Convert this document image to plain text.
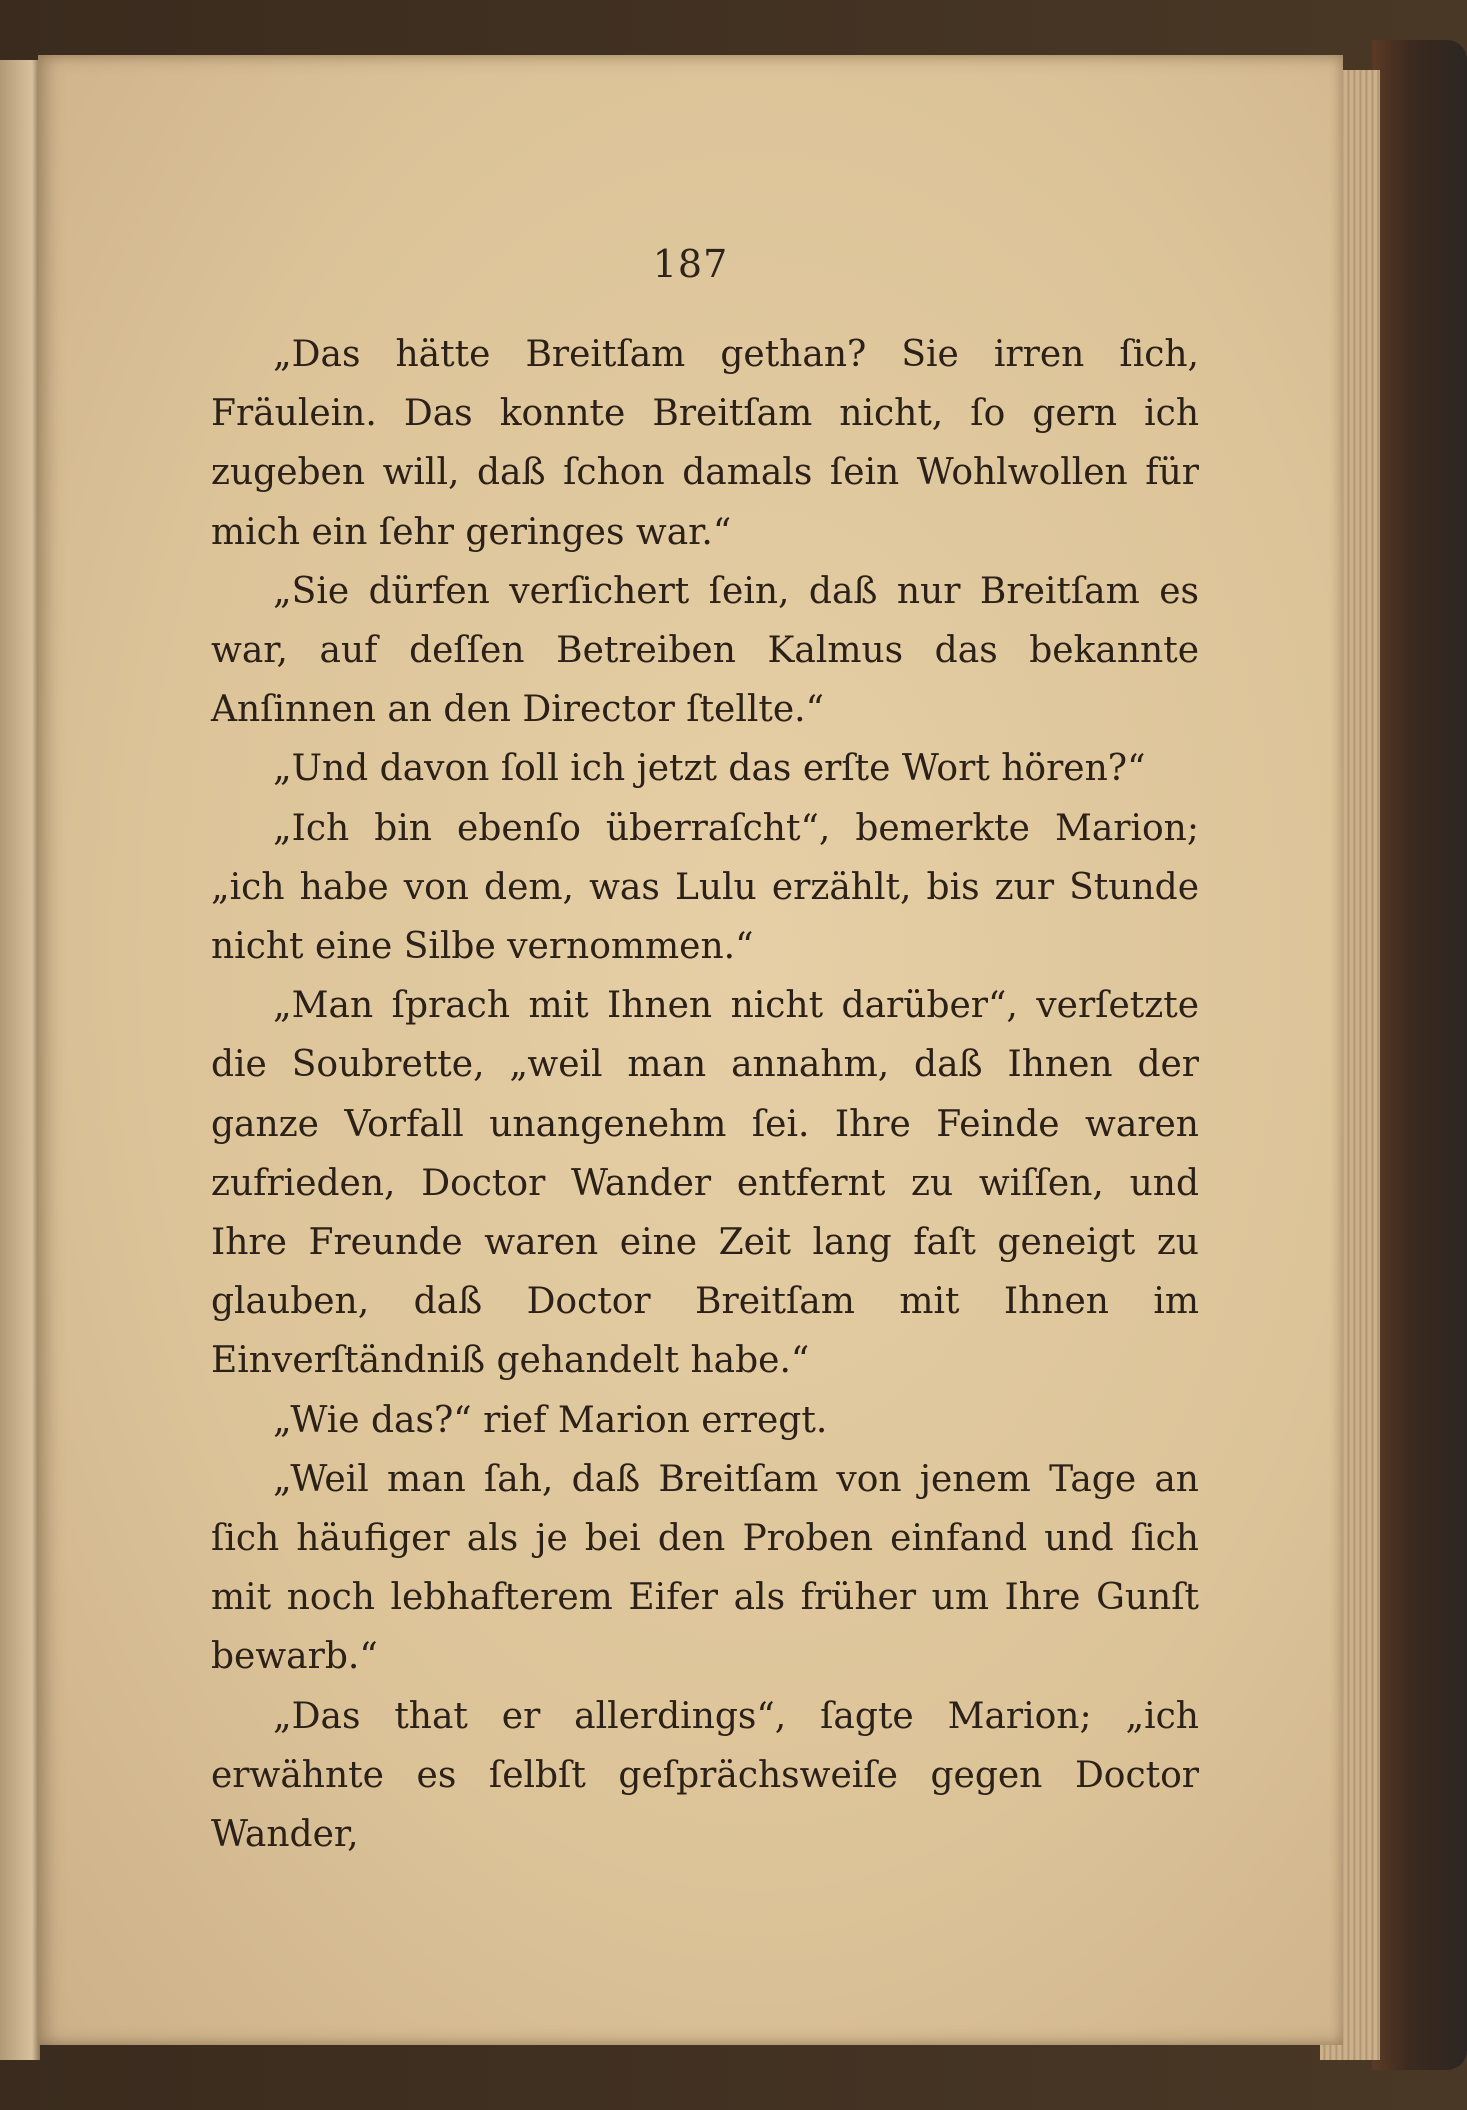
187

„Das hätte Breitſam gethan? Sie irren ſich, Fräulein. Das konnte Breitſam nicht, ſo gern ich zugeben will, daß ſchon damals ſein Wohlwollen für mich ein ſehr geringes war.“

„Sie dürfen verſichert ſein, daß nur Breitſam es war, auf deſſen Betreiben Kalmus das bekannte Anſinnen an den Director ſtellte.“

„Und davon ſoll ich jetzt das erſte Wort hören?“

„Ich bin ebenſo überraſcht“, bemerkte Marion; „ich habe von dem, was Lulu erzählt, bis zur Stunde nicht eine Silbe vernommen.“

„Man ſprach mit Ihnen nicht darüber“, verſetzte die Soubrette, „weil man annahm, daß Ihnen der ganze Vorfall unangenehm ſei. Ihre Feinde waren zufrieden, Doctor Wander entfernt zu wiſſen, und Ihre Freunde waren eine Zeit lang faſt geneigt zu glauben, daß Doctor Breitſam mit Ihnen im Einverſtändniß gehandelt habe.“

„Wie das?“ rief Marion erregt.

„Weil man ſah, daß Breitſam von jenem Tage an ſich häufiger als je bei den Proben einfand und ſich mit noch lebhafterem Eifer als früher um Ihre Gunſt bewarb.“

„Das that er allerdings“, ſagte Marion; „ich erwähnte es ſelbſt geſprächsweiſe gegen Doctor Wander,
